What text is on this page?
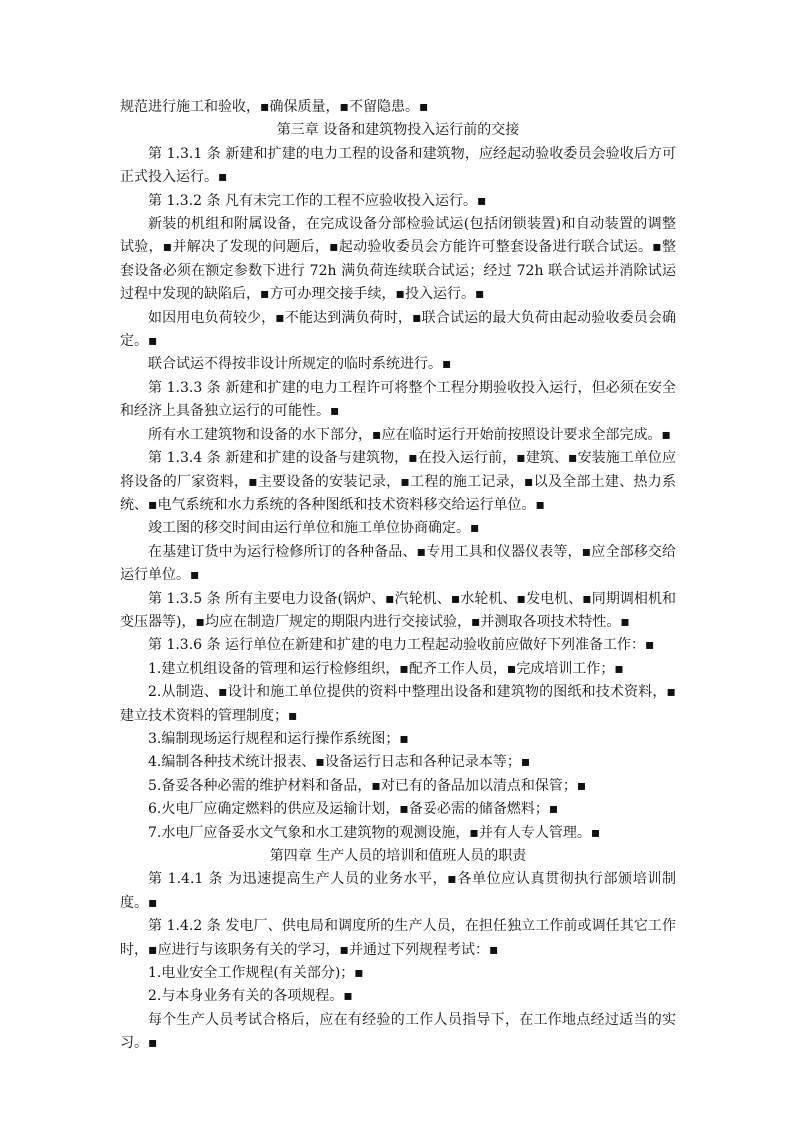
规范进行施工和验收，▪确保质量，▪不留隐患。▪

第三章 设备和建筑物投入运行前的交接

第 1.3.1 条 新建和扩建的电力工程的设备和建筑物，应经起动验收委员会验收后方可正式投入运行。▪

第 1.3.2 条 凡有未完工作的工程不应验收投入运行。▪

新装的机组和附属设备，在完成设备分部检验试运(包括闭锁装置)和自动装置的调整试验，▪并解决了发现的问题后，▪起动验收委员会方能许可整套设备进行联合试运。▪整套设备必须在额定参数下进行 72h 满负荷连续联合试运；经过 72h 联合试运并消除试运过程中发现的缺陷后，▪方可办理交接手续，▪投入运行。▪

如因用电负荷较少，▪不能达到满负荷时，▪联合试运的最大负荷由起动验收委员会确定。▪

联合试运不得按非设计所规定的临时系统进行。▪

第 1.3.3 条 新建和扩建的电力工程许可将整个工程分期验收投入运行，但必须在安全和经济上具备独立运行的可能性。▪

所有水工建筑物和设备的水下部分，▪应在临时运行开始前按照设计要求全部完成。▪

第 1.3.4 条 新建和扩建的设备与建筑物，▪在投入运行前，▪建筑、▪安装施工单位应将设备的厂家资料，▪主要设备的安装记录，▪工程的施工记录，▪以及全部土建、热力系统、▪电气系统和水力系统的各种图纸和技术资料移交给运行单位。▪

竣工图的移交时间由运行单位和施工单位协商确定。▪

在基建订货中为运行检修所订的各种备品、▪专用工具和仪器仪表等，▪应全部移交给运行单位。▪

第 1.3.5 条 所有主要电力设备(锅炉、▪汽轮机、▪水轮机、▪发电机、▪同期调相机和变压器等)，▪均应在制造厂规定的期限内进行交接试验，▪并测取各项技术特性。▪

第 1.3.6 条 运行单位在新建和扩建的电力工程起动验收前应做好下列准备工作：▪

1.建立机组设备的管理和运行检修组织，▪配齐工作人员，▪完成培训工作；▪

2.从制造、▪设计和施工单位提供的资料中整理出设备和建筑物的图纸和技术资料，▪建立技术资料的管理制度；▪

3.编制现场运行规程和运行操作系统图；▪

4.编制各种技术统计报表、▪设备运行日志和各种记录本等；▪

5.备妥各种必需的维护材料和备品，▪对已有的备品加以清点和保管；▪

6.火电厂应确定燃料的供应及运输计划，▪备妥必需的储备燃料；▪

7.水电厂应备妥水文气象和水工建筑物的观测设施，▪并有人专人管理。▪

第四章 生产人员的培训和值班人员的职责

第 1.4.1 条 为迅速提高生产人员的业务水平，▪各单位应认真贯彻执行部颁培训制度。▪

第 1.4.2 条 发电厂、供电局和调度所的生产人员，在担任独立工作前或调任其它工作时，▪应进行与该职务有关的学习，▪并通过下列规程考试：▪

1.电业安全工作规程(有关部分)；▪

2.与本身业务有关的各项规程。▪

每个生产人员考试合格后，应在有经验的工作人员指导下，在工作地点经过适当的实习。▪
